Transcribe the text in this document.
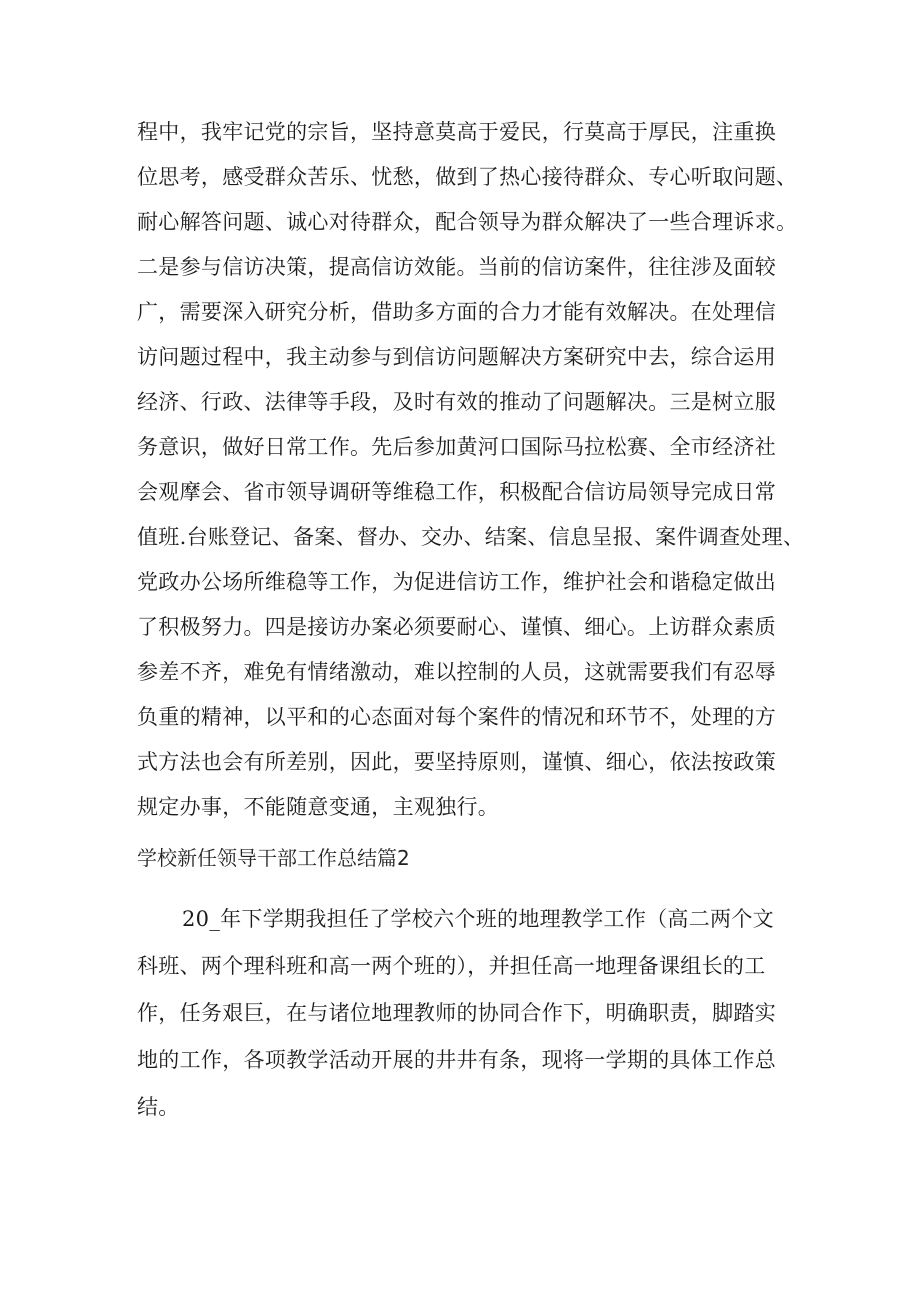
程中，我牢记党的宗旨，坚持意莫高于爱民，行莫高于厚民，注重换
位思考，感受群众苦乐、忧愁，做到了热心接待群众、专心听取问题、
耐心解答问题、诚心对待群众，配合领导为群众解决了一些合理诉求。
二是参与信访决策，提高信访效能。当前的信访案件，往往涉及面较
广，需要深入研究分析，借助多方面的合力才能有效解决。在处理信
访问题过程中，我主动参与到信访问题解决方案研究中去，综合运用
经济、行政、法律等手段，及时有效的推动了问题解决。三是树立服
务意识，做好日常工作。先后参加黄河口国际马拉松赛、全市经济社
会观摩会、省市领导调研等维稳工作，积极配合信访局领导完成日常
值班.台账登记、备案、督办、交办、结案、信息呈报、案件调查处理、
党政办公场所维稳等工作，为促进信访工作，维护社会和谐稳定做出
了积极努力。四是接访办案必须要耐心、谨慎、细心。上访群众素质
参差不齐，难免有情绪激动，难以控制的人员，这就需要我们有忍辱
负重的精神，以平和的心态面对每个案件的情况和环节不，处理的方
式方法也会有所差别，因此，要坚持原则，谨慎、细心，依法按政策
规定办事，不能随意变通，主观独行。
学校新任领导干部工作总结篇2
20_年下学期我担任了学校六个班的地理教学工作（高二两个文
科班、两个理科班和高一两个班的），并担任高一地理备课组长的工
作，任务艰巨，在与诸位地理教师的协同合作下，明确职责，脚踏实
地的工作，各项教学活动开展的井井有条，现将一学期的具体工作总
结。
